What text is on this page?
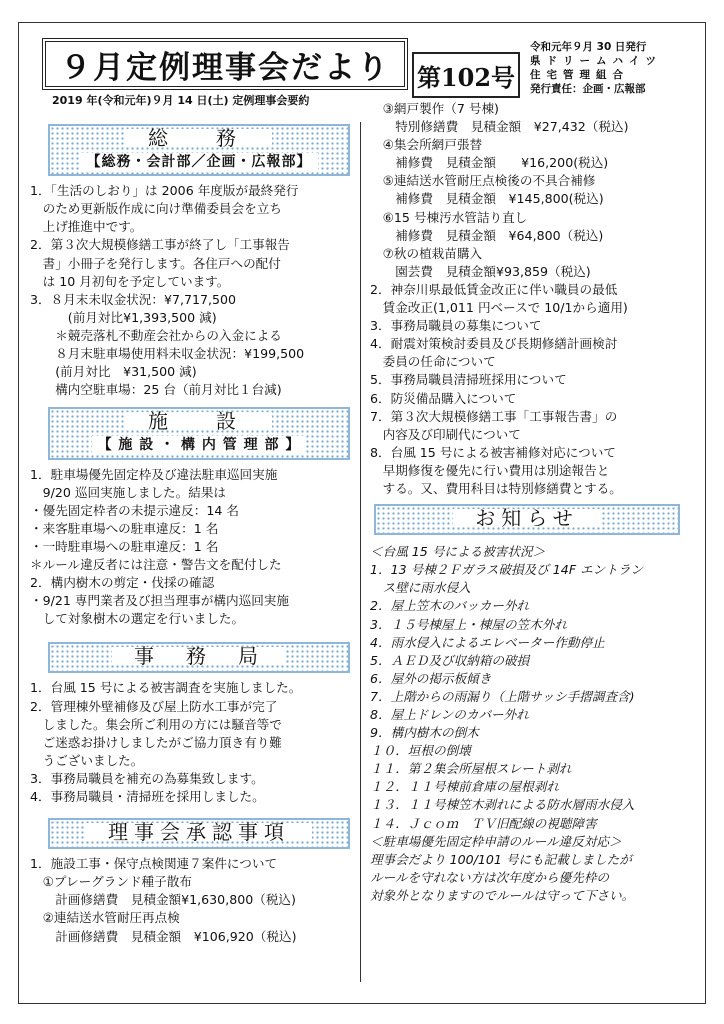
９月定例理事会だより
2019 年(令和元年)９月 14 日(土) 定例理事会要約
第102号
令和元年９月 30 日発行
県ドリームハイツ
住宅管理組合
発行責任：企画・広報部
総　務
【総務・会計部／企画・広報部】

1．「生活のしおり」は 2006 年度版が最終発行

　のため更新版作成に向け準備委員会を立ち

　上げ推進中です。

2．第３次大規模修繕工事が終了し「工事報告

　書」小冊子を発行します。各住戸への配付

　は 10 月初旬を予定しています。

3．８月末未収金状況：¥7,717,500

　　　(前月対比¥1,393,500 減)

　　＊競売落札不動産会社からの入金による

　　８月末駐車場使用料未収金状況：¥199,500

　　(前月対比　¥31,500 減)

　　構内空駐車場：25 台（前月対比１台減)

施　設
【 施 設 ・ 構 内 管 理 部 】

1．駐車場優先固定枠及び違法駐車巡回実施

　9/20 巡回実施しました。結果は

・優先固定枠者の未提示違反：14 名

・来客駐車場への駐車違反：1 名

・一時駐車場への駐車違反：1 名

＊ルール違反者には注意・警告文を配付した

2．構内樹木の剪定・伐採の確認

・9/21 専門業者及び担当理事が構内巡回実施

　して対象樹木の選定を行いました。

事　務　局

1．台風 15 号による被害調査を実施しました。

2．管理棟外壁補修及び屋上防水工事が完了

　しました。集会所ご利用の方には騒音等で

　ご迷惑お掛けしましたがご協力頂き有り難

　うございました。

3．事務局職員を補充の為募集致します。

4．事務局職員・清掃班を採用しました。

理事会承認事項

1．施設工事・保守点検関連７案件について

　①プレーグランド種子散布

　　計画修繕費　見積金額¥1,630,800（税込)

　②連結送水管耐圧再点検

　　計画修繕費　見積金額　¥106,920（税込)

　③網戸製作（7 号棟)

　　特別修繕費　見積金額　¥27,432（税込)

　④集会所網戸張替

　　補修費　見積金額　　¥16,200(税込)

　⑤連結送水管耐圧点検後の不具合補修

　　補修費　見積金額　¥145,800(税込)

　⑥15 号棟汚水管詰り直し

　　補修費　見積金額　¥64,800（税込)

　⑦秋の植栽苗購入

　　園芸費　見積金額¥93,859（税込)

2．神奈川県最低賃金改正に伴い職員の最低

　賃金改正(1,011 円ベースで 10/1から適用)

3．事務局職員の募集について

4．耐震対策検討委員及び長期修繕計画検討

　委員の任命について

5．事務局職員清掃班採用について

6．防災備品購入について

7．第３次大規模修繕工事「工事報告書」の

　内容及び印刷代について

8．台風 15 号による被害補修対応について

　早期修復を優先に行い費用は別途報告と

　する。又、費用科目は特別修繕費とする。

お知らせ

＜台風 15 号による被害状況＞

1．13 号棟２Ｆガラス破損及び 14F エントラン

　ス壁に雨水侵入

2．屋上笠木のバッカー外れ

3．１５号棟屋上・棟屋の笠木外れ

4．雨水侵入によるエレベーター作動停止

5．ＡＥＤ及び収納箱の破損

6．屋外の掲示板傾き

7．上階からの雨漏り（上階サッシ手摺調査含)

8．屋上ドレンのカバー外れ

9．構内樹木の倒木

１０．垣根の倒壊

１１．第２集会所屋根スレート剥れ

１２．１１号棟前倉庫の屋根剥れ

１３．１１号棟笠木剥れによる防水層雨水侵入

１４．Ｊｃｏｍ　ＴＶ旧配線の視聴障害

＜駐車場優先固定枠申請のルール違反対応＞

理事会だより 100/101 号にも記載しましたが

ルールを守れない方は次年度から優先枠の

対象外となりますのでルールは守って下さい。
